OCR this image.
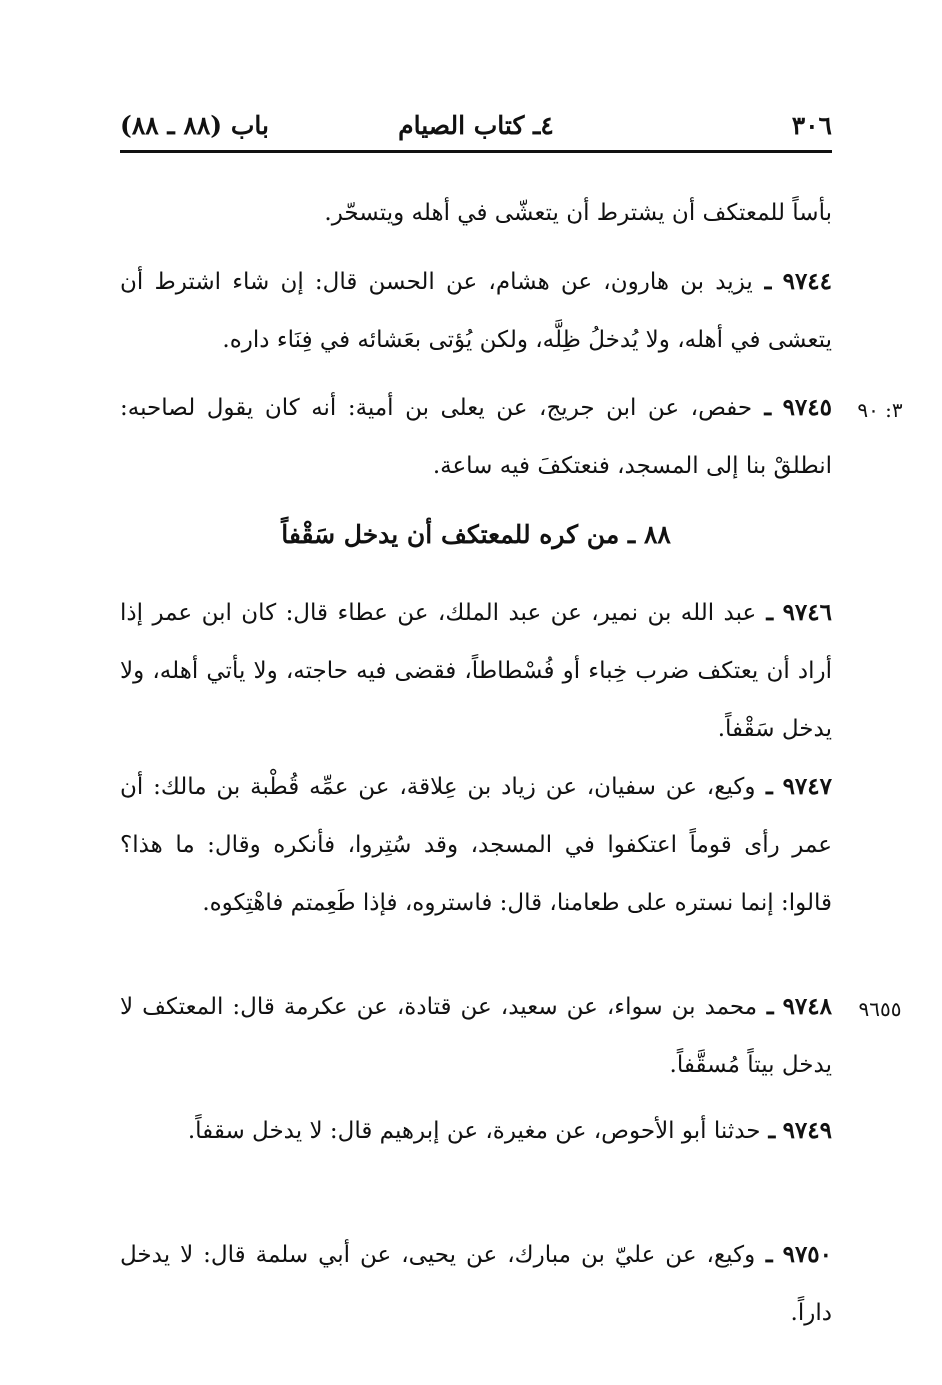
٣٠٦
٤ـ كتاب الصيام
باب (٨٨ ـ ٨٨)
بأساً للمعتكف أن يشترط أن يتعشّى في أهله ويتسحّر.
٩٧٤٤ ـ يزيد بن هارون، عن هشام، عن الحسن قال: إن شاء اشترط أن يتعشى في أهله، ولا يُدخلُ ظِلَّه، ولكن يُؤتى بعَشائه في فِنَاء داره.
٩٧٤٥ ـ حفص، عن ابن جريج، عن يعلى بن أمية: أنه كان يقول لصاحبه: انطلقْ بنا إلى المسجد، فنعتكفَ فيه ساعة.
٣: ٩٠
٨٨ ـ من كره للمعتكف أن يدخل سَقْفاً
٩٧٤٦ ـ عبد الله بن نمير، عن عبد الملك، عن عطاء قال: كان ابن عمر إذا أراد أن يعتكف ضرب خِباء أو فُسْطاطاً، فقضى فيه حاجته، ولا يأتي أهله، ولا يدخل سَقْفاً.
٩٧٤٧ ـ وكيع، عن سفيان، عن زياد بن عِلاقة، عن عمِّه قُطْبة بن مالك: أن عمر رأى قوماً اعتكفوا في المسجد، وقد سُتِروا، فأنكره وقال: ما هذا؟ قالوا: إنما نستره على طعامنا، قال: فاستروه، فإذا طَعِمتم فاهْتِكوه.
٩٧٤٨ ـ محمد بن سواء، عن سعيد، عن قتادة، عن عكرمة قال: المعتكف لا يدخل بيتاً مُسقَّفاً.
٩٦٥٥
٩٧٤٩ ـ حدثنا أبو الأحوص، عن مغيرة، عن إبرهيم قال: لا يدخل سقفاً.
٩٧٥٠ ـ وكيع، عن عليّ بن مبارك، عن يحيى، عن أبي سلمة قال: لا يدخل داراً.
